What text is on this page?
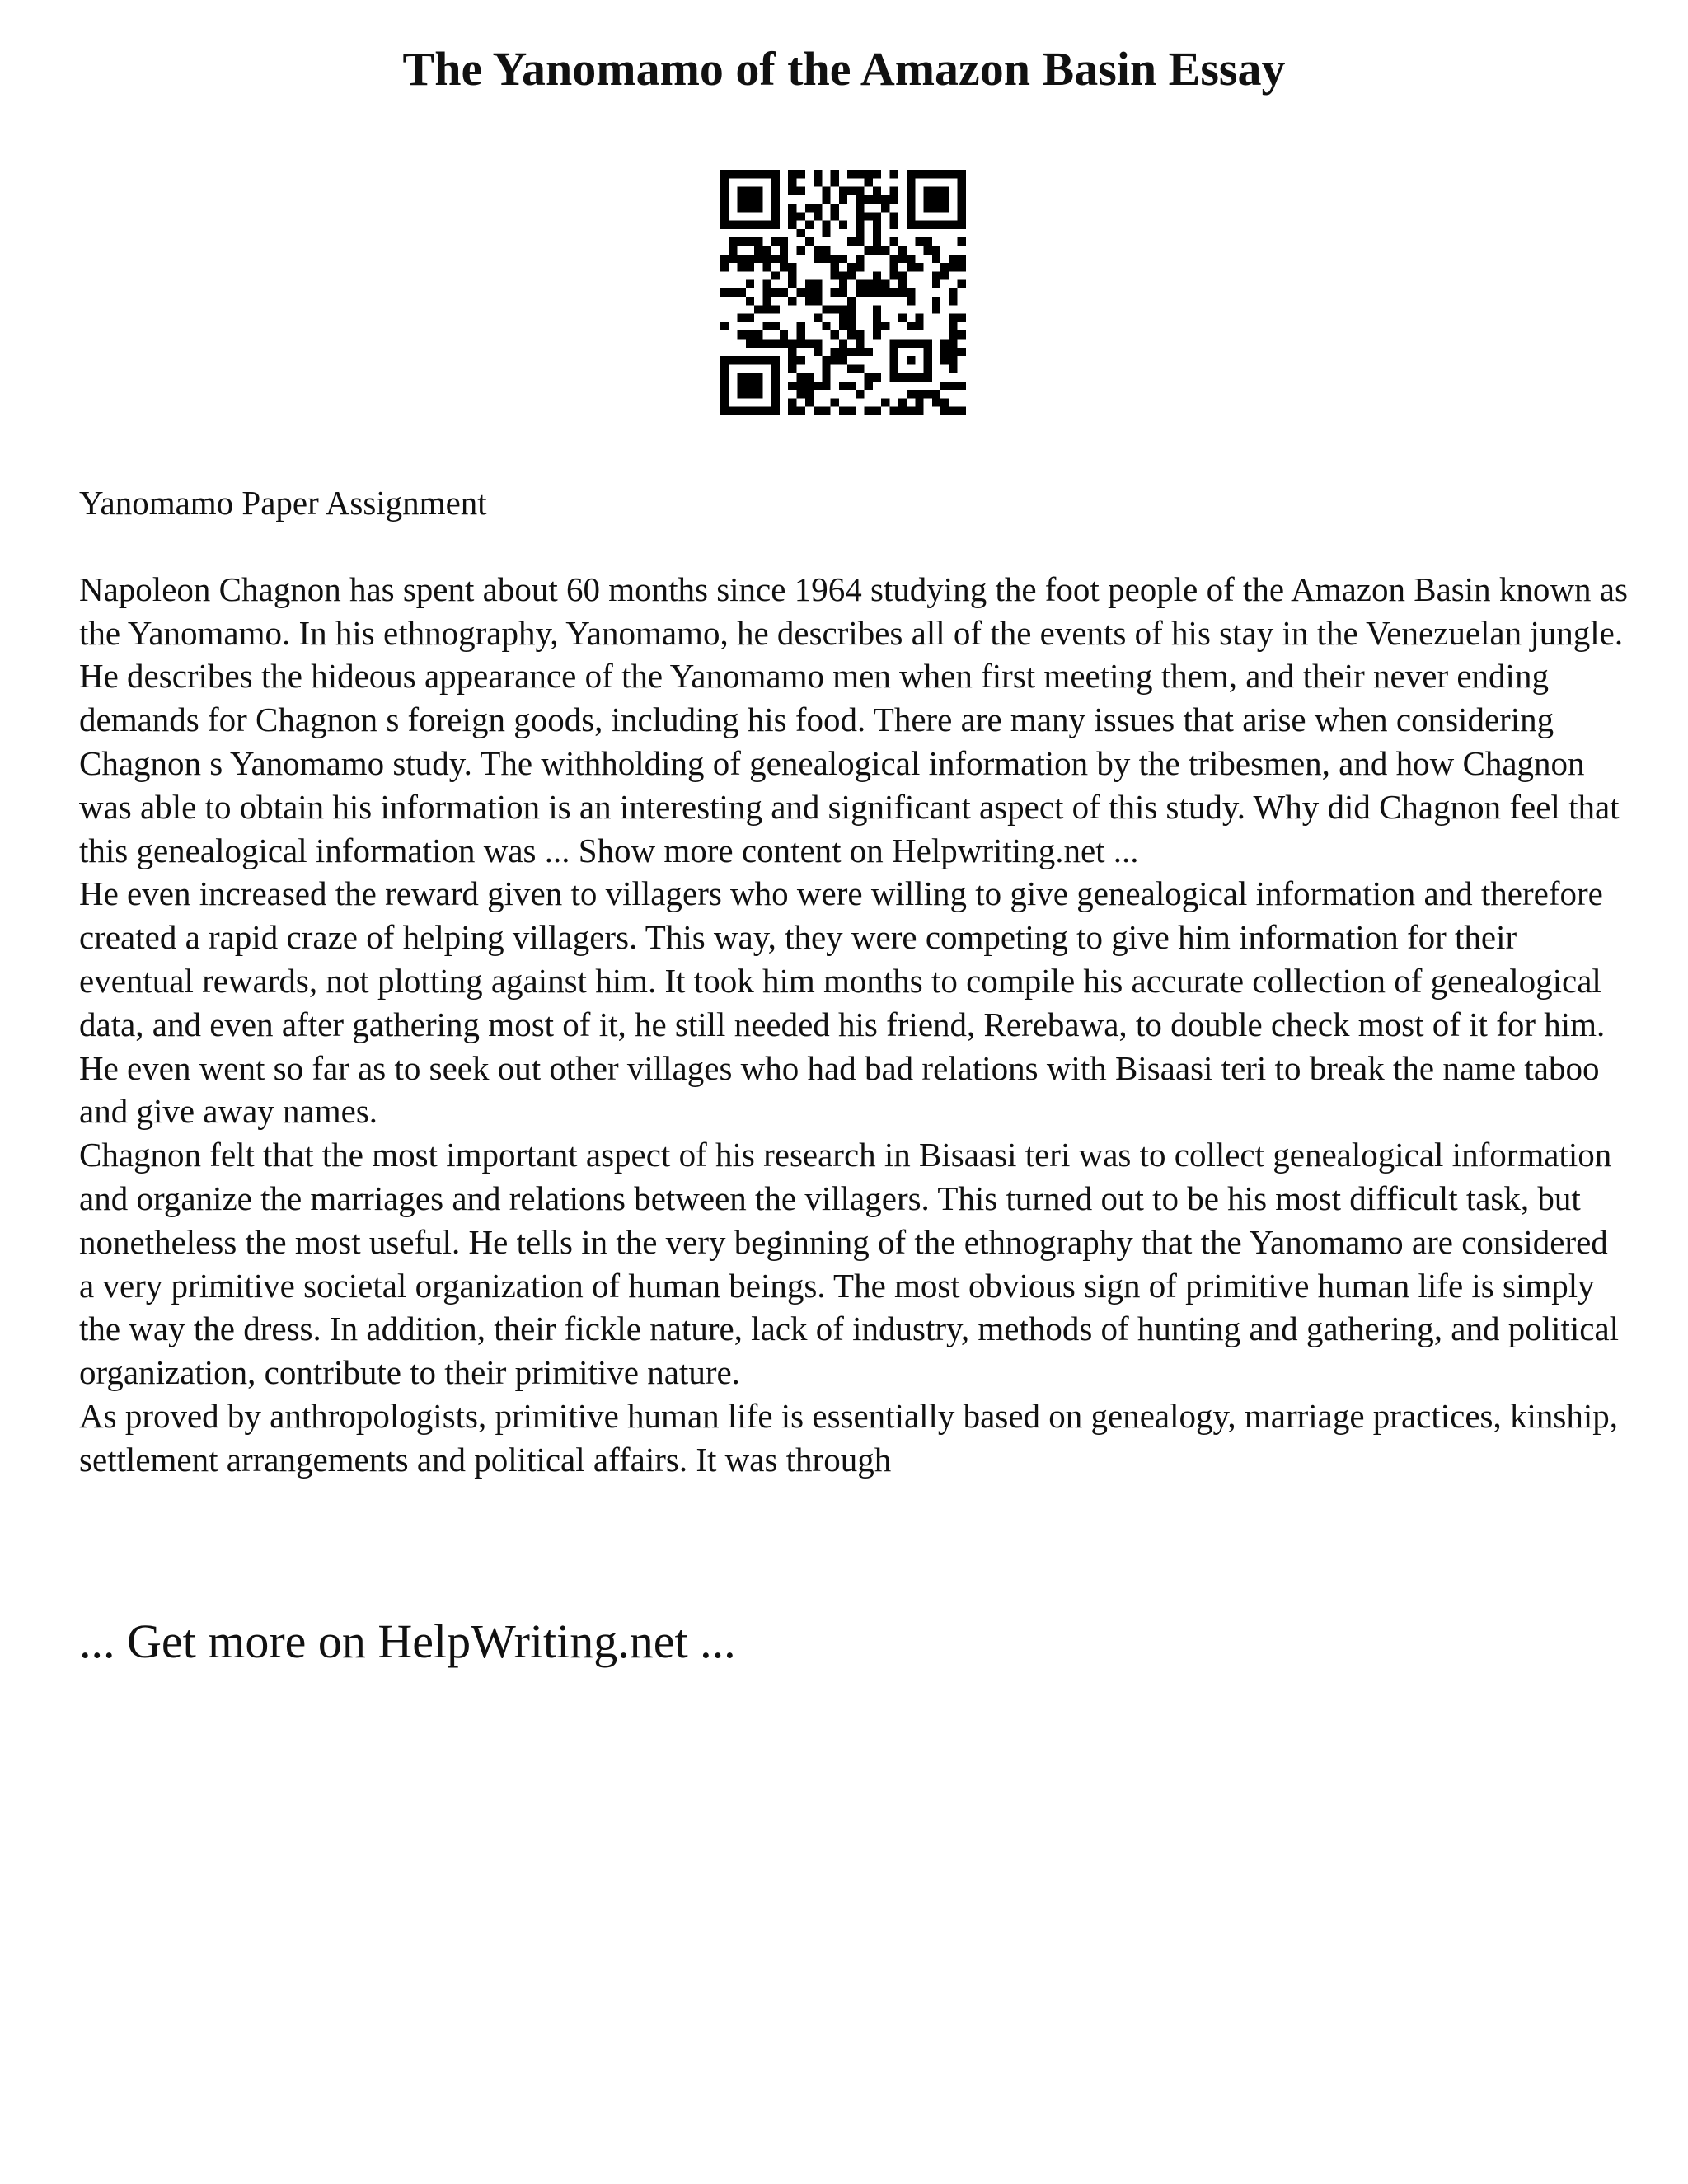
The Yanomamo of the Amazon Basin Essay

Yanomamo Paper Assignment

Napoleon Chagnon has spent about 60 months since 1964 studying the foot people of the Amazon Basin known as the Yanomamo. In his ethnography, Yanomamo, he describes all of the events of his stay in the Venezuelan jungle. He describes the hideous appearance of the Yanomamo men when first meeting them, and their never ending demands for Chagnon s foreign goods, including his food. There are many issues that arise when considering Chagnon s Yanomamo study. The withholding of genealogical information by the tribesmen, and how Chagnon was able to obtain his information is an interesting and significant aspect of this study. Why did Chagnon feel that this genealogical information was ... Show more content on Helpwriting.net ...

He even increased the reward given to villagers who were willing to give genealogical information and therefore created a rapid craze of helping villagers. This way, they were competing to give him information for their eventual rewards, not plotting against him. It took him months to compile his accurate collection of genealogical data, and even after gathering most of it, he still needed his friend, Rerebawa, to double check most of it for him. He even went so far as to seek out other villages who had bad relations with Bisaasi teri to break the name taboo and give away names.

Chagnon felt that the most important aspect of his research in Bisaasi teri was to collect genealogical information and organize the marriages and relations between the villagers. This turned out to be his most difficult task, but nonetheless the most useful. He tells in the very beginning of the ethnography that the Yanomamo are considered a very primitive societal organization of human beings. The most obvious sign of primitive human life is simply the way the dress. In addition, their fickle nature, lack of industry, methods of hunting and gathering, and political organization, contribute to their primitive nature.

As proved by anthropologists, primitive human life is essentially based on genealogy, marriage practices, kinship, settlement arrangements and political affairs. It was through

... Get more on HelpWriting.net ...
